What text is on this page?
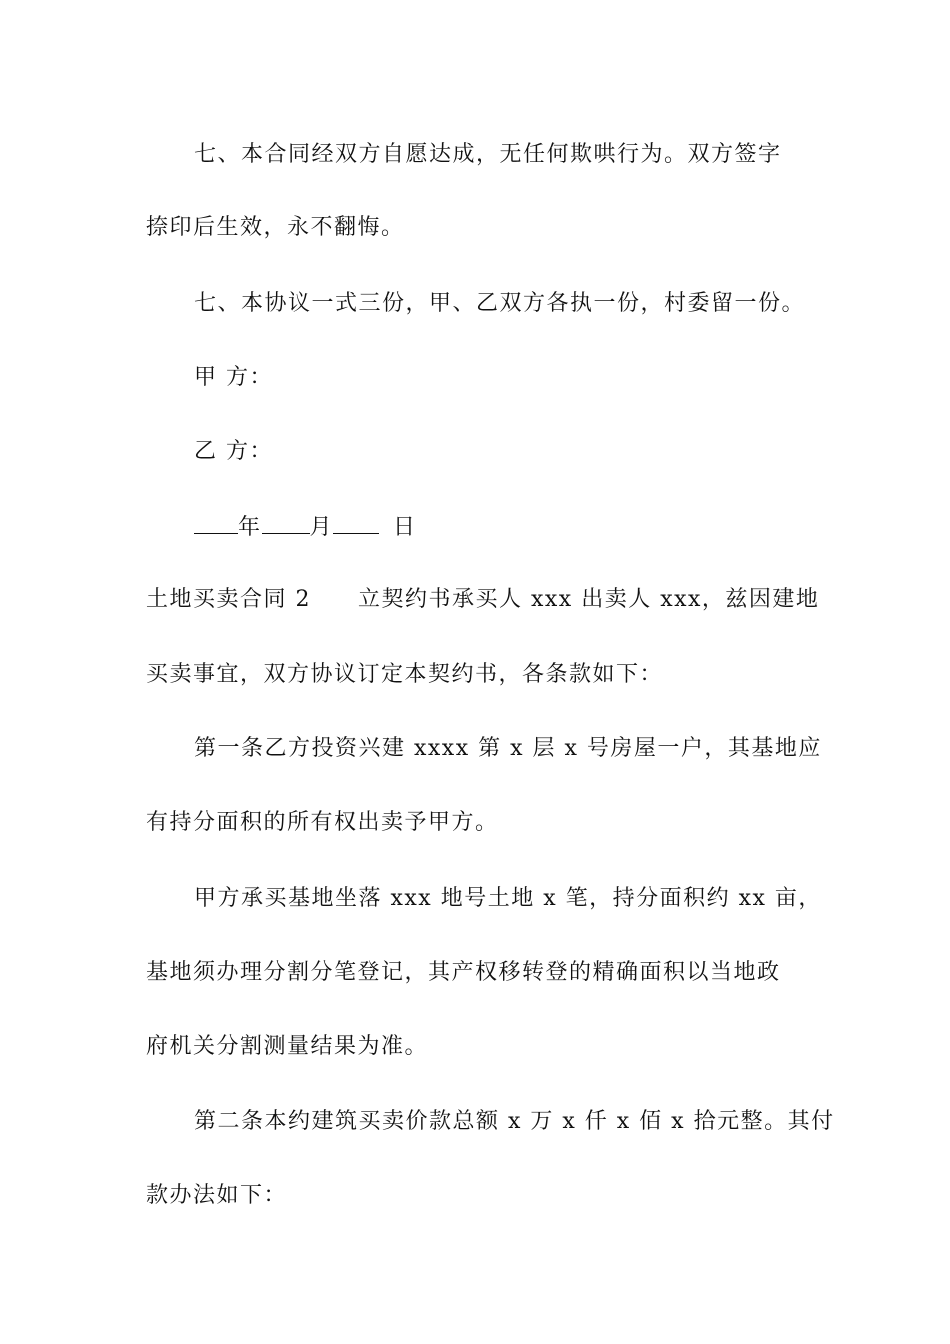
七、本合同经双方自愿达成，无任何欺哄行为。双方签字
捺印后生效，永不翻悔。
七、本协议一式三份，甲、乙双方各执一份，村委留一份。
甲 方：
乙 方：
年 月	日
土地买卖合同 2　　立契约书承买人 xxx 出卖人 xxx，兹因建地
买卖事宜，双方协议订定本契约书，各条款如下：
第一条乙方投资兴建 xxxx 第 x 层 x 号房屋一户，其基地应
有持分面积的所有权出卖予甲方。
甲方承买基地坐落 xxx 地号土地 x 笔，持分面积约 xx 亩，
基地须办理分割分笔登记，其产权移转登的精确面积以当地政
府机关分割测量结果为准。
第二条本约建筑买卖价款总额 x 万 x 仟 x 佰 x 拾元整。其付
款办法如下：
